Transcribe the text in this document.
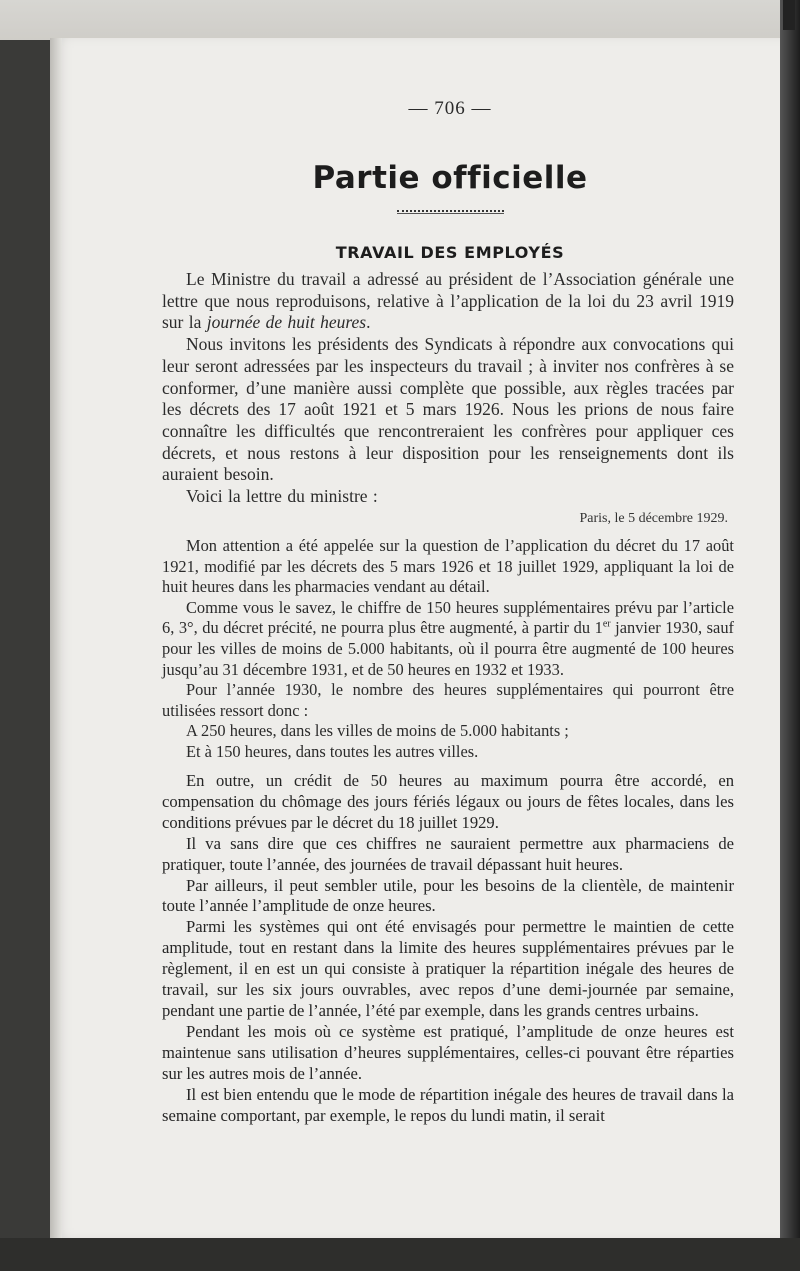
— 706 —
Partie officielle
TRAVAIL DES EMPLOYÉS

Le Ministre du travail a adressé au président de l’Association générale une lettre que nous reproduisons, relative à l’application de la loi du 23 avril 1919 sur la journée de huit heures.

Nous invitons les présidents des Syndicats à répondre aux convocations qui leur seront adressées par les inspecteurs du travail ; à inviter nos confrères à se conformer, d’une manière aussi complète que possible, aux règles tracées par les décrets des 17 août 1921 et 5 mars 1926. Nous les prions de nous faire connaître les difficultés que rencontreraient les confrères pour appliquer ces décrets, et nous restons à leur disposition pour les renseignements dont ils auraient besoin.

Voici la lettre du ministre :

Paris, le 5 décembre 1929.

Mon attention a été appelée sur la question de l’application du décret du 17 août 1921, modifié par les décrets des 5 mars 1926 et 18 juillet 1929, appliquant la loi de huit heures dans les pharmacies vendant au détail.

Comme vous le savez, le chiffre de 150 heures supplémentaires prévu par l’article 6, 3°, du décret précité, ne pourra plus être augmenté, à partir du 1er janvier 1930, sauf pour les villes de moins de 5.000 habitants, où il pourra être augmenté de 100 heures jusqu’au 31 décembre 1931, et de 50 heures en 1932 et 1933.

Pour l’année 1930, le nombre des heures supplémentaires qui pourront être utilisées ressort donc :

A 250 heures, dans les villes de moins de 5.000 habitants ;

Et à 150 heures, dans toutes les autres villes.

En outre, un crédit de 50 heures au maximum pourra être accordé, en compensation du chômage des jours fériés légaux ou jours de fêtes locales, dans les conditions prévues par le décret du 18 juillet 1929.

Il va sans dire que ces chiffres ne sauraient permettre aux pharmaciens de pratiquer, toute l’année, des journées de travail dépassant huit heures.

Par ailleurs, il peut sembler utile, pour les besoins de la clientèle, de maintenir toute l’année l’amplitude de onze heures.

Parmi les systèmes qui ont été envisagés pour permettre le maintien de cette amplitude, tout en restant dans la limite des heures supplémentaires prévues par le règlement, il en est un qui consiste à pratiquer la répartition inégale des heures de travail, sur les six jours ouvrables, avec repos d’une demi-journée par semaine, pendant une partie de l’année, l’été par exemple, dans les grands centres urbains.

Pendant les mois où ce système est pratiqué, l’amplitude de onze heures est maintenue sans utilisation d’heures supplémentaires, celles-ci pouvant être réparties sur les autres mois de l’année.

Il est bien entendu que le mode de répartition inégale des heures de travail dans la semaine comportant, par exemple, le repos du lundi matin, il serait
